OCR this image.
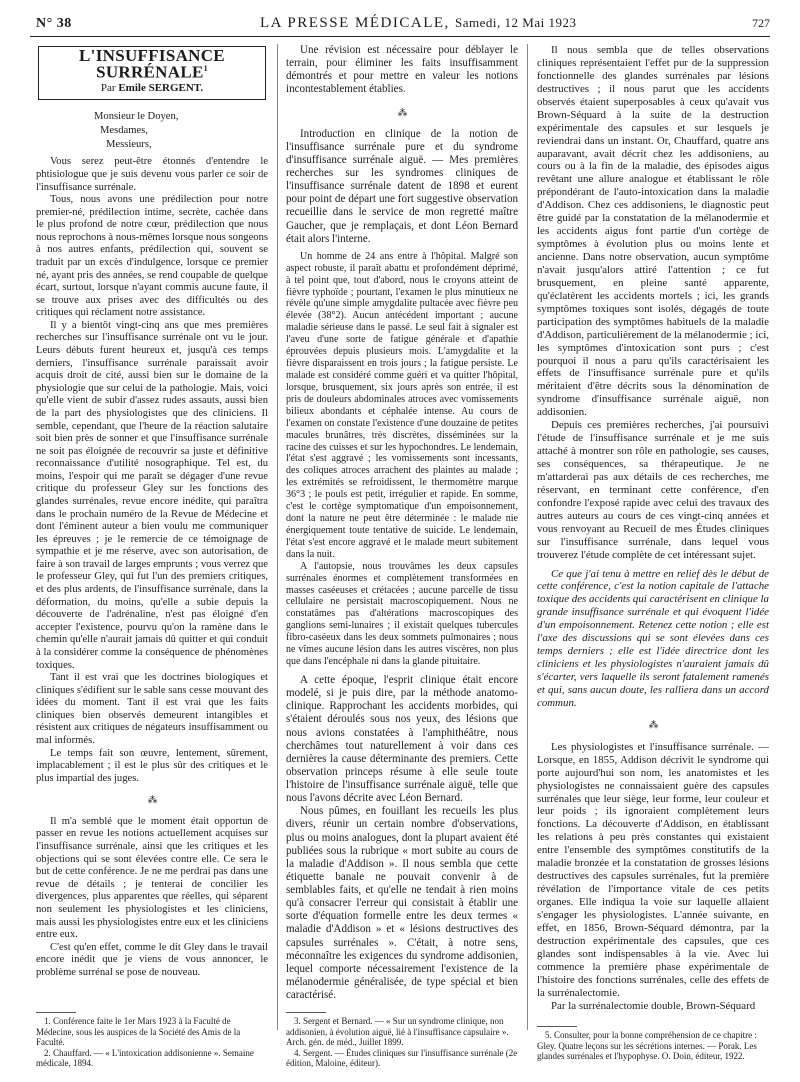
N° 38	LA PRESSE MÉDICALE, Samedi, 12 Mai 1923	727
L'INSUFFISANCE SURRÉNALE$^1$
Par Emile SERGENT.
Monsieur le Doyen,
Mesdames,
Messieurs,

Vous serez peut-être étonnés d'entendre le phtisiologue que je suis devenu vous parler ce soir de l'insuffisance surrénale.

Tous, nous avons une prédilection pour notre premier-né, prédilection intime, secrète, cachée dans le plus profond de notre cœur, prédilection que nous nous reprochons à nous-mêmes lorsque nous songeons à nos autres enfants, prédilection qui, souvent se traduit par un excès d'indulgence, lorsque ce premier né, ayant pris des années, se rend coupable de quelque écart, surtout, lorsque n'ayant commis aucune faute, il se trouve aux prises avec des difficultés ou des critiques qui réclament notre assistance.

Il y a bientôt vingt-cinq ans que mes premières recherches sur l'insuffisance surrénale ont vu le jour. Leurs débuts furent heureux et, jusqu'à ces temps derniers, l'insuffisance surrénale paraissait avoir acquis droit de cité, aussi bien sur le domaine de la physiologie que sur celui de la pathologie. Mais, voici qu'elle vient de subir d'assez rudes assauts, aussi bien de la part des physiologistes que des cliniciens. Il semble, cependant, que l'heure de la réaction salutaire soit bien près de sonner et que l'insuffisance surrénale ne soit pas éloignée de recouvrir sa juste et définitive reconnaissance d'utilité nosographique. Tel est, du moins, l'espoir qui me paraît se dégager d'une revue critique du professeur Gley sur les fonctions des glandes surrénales, revue encore inédite, qui paraîtra dans le prochain numéro de la Revue de Médecine et dont l'éminent auteur a bien voulu me communiquer les épreuves ; je le remercie de ce témoignage de sympathie et je me réserve, avec son autorisation, de faire à son travail de larges emprunts ; vous verrez que le professeur Gley, qui fut l'un des premiers critiques, et des plus ardents, de l'insuffisance surrénale, dans la déformation, du moins, qu'elle a subie depuis la découverte de l'adrénaline, n'est pas éloigné d'en accepter l'existence, pourvu qu'on la ramène dans le chemin qu'elle n'aurait jamais dû quitter et qui conduit à la considérer comme la conséquence de phénomènes toxiques.

Tant il est vrai que les doctrines biologiques et cliniques s'édifient sur le sable sans cesse mouvant des idées du moment. Tant il est vrai que les faits cliniques bien observés demeurent intangibles et résistent aux critiques de négateurs insuffisamment ou mal informés.

Le temps fait son œuvre, lentement, sûrement, implacablement ; il est le plus sûr des critiques et le plus impartial des juges.

⁂

Il m'a semblé que le moment était opportun de passer en revue les notions actuellement acquises sur l'insuffisance surrénale, ainsi que les critiques et les objections qui se sont élevées contre elle. Ce sera le but de cette conférence. Je ne me perdrai pas dans une revue de détails ; je tenterai de concilier les divergences, plus apparentes que réelles, qui séparent non seulement les physiologistes et les cliniciens, mais aussi les physiologistes entre eux et les cliniciens entre eux.

C'est qu'en effet, comme le dit Gley dans le travail encore inédit que je viens de vous annoncer, le problème surrénal se pose de nouveau.

1. Conférence faite le 1er Mars 1923 à la Faculté de Médecine, sous les auspices de la Société des Amis de la Faculté.

2. Chauffard. — « L'intoxication addisonienne ». Semaine médicale, 1894.

Une révision est nécessaire pour déblayer le terrain, pour éliminer les faits insuffisamment démontrés et pour mettre en valeur les notions incontestablement établies.

⁂

Introduction en clinique de la notion de l'insuffisance surrénale pure et du syndrome d'insuffisance surrénale aiguë. — Mes premières recherches sur les syndromes cliniques de l'insuffisance surrénale datent de 1898 et eurent pour point de départ une fort suggestive observation recueillie dans le service de mon regretté maître Gaucher, que je remplaçais, et dont Léon Bernard était alors l'interne.

Un homme de 24 ans entre à l'hôpital. Malgré son aspect robuste, il paraît abattu et profondément déprimé, à tel point que, tout d'abord, nous le croyons atteint de fièvre typhoïde ; pourtant, l'examen le plus minutieux ne révèle qu'une simple amygdalite pultacée avec fièvre peu élevée (38°2). Aucun antécédent important ; aucune maladie sérieuse dans le passé. Le seul fait à signaler est l'aveu d'une sorte de fatigue générale et d'apathie éprouvées depuis plusieurs mois. L'amygdalite et la fièvre disparaissent en trois jours ; la fatigue persiste. Le malade est considéré comme guéri et va quitter l'hôpital, lorsque, brusquement, six jours après son entrée, il est pris de douleurs abdominales atroces avec vomissements bilieux abondants et céphalée intense. Au cours de l'examen on constate l'existence d'une douzaine de petites macules brunâtres, très discrètes, disséminées sur la racine des cuisses et sur les hypochondres. Le lendemain, l'état s'est aggravé ; les vomissements sont incessants, des coliques atroces arrachent des plaintes au malade ; les extrémités se refroidissent, le thermomètre marque 36°3 ; le pouls est petit, irrégulier et rapide. En somme, c'est le cortège symptomatique d'un empoisonnement, dont la nature ne peut être déterminée : le malade nie énergiquement toute tentative de suicide. Le lendemain, l'état s'est encore aggravé et le malade meurt subitement dans la nuit.

A l'autopsie, nous trouvâmes les deux capsules surrénales énormes et complètement transformées en masses caséeuses et crétacées ; aucune parcelle de tissu cellulaire ne persistait macroscopiquement. Nous ne constatâmes pas d'altérations macroscopiques des ganglions semi-lunaires ; il existait quelques tubercules fibro-caséeux dans les deux sommets pulmonaires ; nous ne vîmes aucune lésion dans les autres viscères, non plus que dans l'encéphale ni dans la glande pituitaire.

A cette époque, l'esprit clinique était encore modelé, si je puis dire, par la méthode anatomo-clinique. Rapprochant les accidents morbides, qui s'étaient déroulés sous nos yeux, des lésions que nous avions constatées à l'amphithéâtre, nous cherchâmes tout naturellement à voir dans ces dernières la cause déterminante des premiers. Cette observation princeps résume à elle seule toute l'histoire de l'insuffisance surrénale aiguë, telle que nous l'avons décrite avec Léon Bernard.

Nous pûmes, en fouillant les recueils les plus divers, réunir un certain nombre d'observations, plus ou moins analogues, dont la plupart avaient été publiées sous la rubrique « mort subite au cours de la maladie d'Addison ». Il nous sembla que cette étiquette banale ne pouvait convenir à de semblables faits, et qu'elle ne tendait à rien moins qu'à consacrer l'erreur qui consistait à établir une sorte d'équation formelle entre les deux termes « maladie d'Addison » et « lésions destructives des capsules surrénales ». C'était, à notre sens, méconnaître les exigences du syndrome addisonien, lequel comporte nécessairement l'existence de la mélanodermie généralisée, de type spécial et bien caractérisé.

3. Sergent et Bernard. — « Sur un syndrome clinique, non addisonien, à évolution aiguë, lié à l'insuffisance capsulaire ». Arch. gén. de méd., Juillet 1899.

4. Sergent. — Études cliniques sur l'insuffisance surrénale (2e édition, Maloine, éditeur).

Il nous sembla que de telles observations cliniques représentaient l'effet pur de la suppression fonctionnelle des glandes surrénales par lésions destructives ; il nous parut que les accidents observés étaient superposables à ceux qu'avait vus Brown-Séquard à la suite de la destruction expérimentale des capsules et sur lesquels je reviendrai dans un instant. Or, Chauffard, quatre ans auparavant, avait décrit chez les addisoniens, au cours ou à la fin de la maladie, des épisodes aigus revêtant une allure analogue et établissant le rôle prépondérant de l'auto-intoxication dans la maladie d'Addison. Chez ces addisoniens, le diagnostic peut être guidé par la constatation de la mélanodermie et les accidents aigus font partie d'un cortège de symptômes à évolution plus ou moins lente et ancienne. Dans notre observation, aucun symptôme n'avait jusqu'alors attiré l'attention ; ce fut brusquement, en pleine santé apparente, qu'éclatèrent les accidents mortels ; ici, les grands symptômes toxiques sont isolés, dégagés de toute participation des symptômes habituels de la maladie d'Addison, particulièrement de la mélanodermie ; ici, les symptômes d'intoxication sont purs ; c'est pourquoi il nous a paru qu'ils caractérisaient les effets de l'insuffisance surrénale pure et qu'ils méritaient d'être décrits sous la dénomination de syndrome d'insuffisance surrénale aiguë, non addisonien.

Depuis ces premières recherches, j'ai poursuivi l'étude de l'insuffisance surrénale et je me suis attaché à montrer son rôle en pathologie, ses causes, ses conséquences, sa thérapeutique. Je ne m'attarderai pas aux détails de ces recherches, me réservant, en terminant cette conférence, d'en confondre l'exposé rapide avec celui des travaux des autres auteurs au cours de ces vingt-cinq années et vous renvoyant au Recueil de mes Études cliniques sur l'insuffisance surrénale, dans lequel vous trouverez l'étude complète de cet intéressant sujet.

Ce que j'ai tenu à mettre en relief dès le début de cette conférence, c'est la notion capitale de l'attache toxique des accidents qui caractérisent en clinique la grande insuffisance surrénale et qui évoquent l'idée d'un empoisonnement. Retenez cette notion ; elle est l'axe des discussions qui se sont élevées dans ces temps derniers ; elle est l'idée directrice dont les cliniciens et les physiologistes n'auraient jamais dû s'écarter, vers laquelle ils seront fatalement ramenés et qui, sans aucun doute, les ralliera dans un accord commun.

⁂

Les physiologistes et l'insuffisance surrénale. — Lorsque, en 1855, Addison décrivit le syndrome qui porte aujourd'hui son nom, les anatomistes et les physiologistes ne connaissaient guère des capsules surrénales que leur siège, leur forme, leur couleur et leur poids ; ils ignoraient complètement leurs fonctions. La découverte d'Addison, en établissant les relations à peu près constantes qui existaient entre l'ensemble des symptômes constitutifs de la maladie bronzée et la constatation de grosses lésions destructives des capsules surrénales, fut la première révélation de l'importance vitale de ces petits organes. Elle indiqua la voie sur laquelle allaient s'engager les physiologistes. L'année suivante, en effet, en 1856, Brown-Séquard démontra, par la destruction expérimentale des capsules, que ces glandes sont indispensables à la vie. Avec lui commence la première phase expérimentale de l'histoire des fonctions surrénales, celle des effets de la surrénalectomie.

Par la surrénalectomie double, Brown-Séquard

5. Consulter, pour la bonne compréhension de ce chapitre : Gley. Quatre leçons sur les sécrétions internes. — Porak. Les glandes surrénales et l'hypophyse. O. Doin, éditeur, 1922.
